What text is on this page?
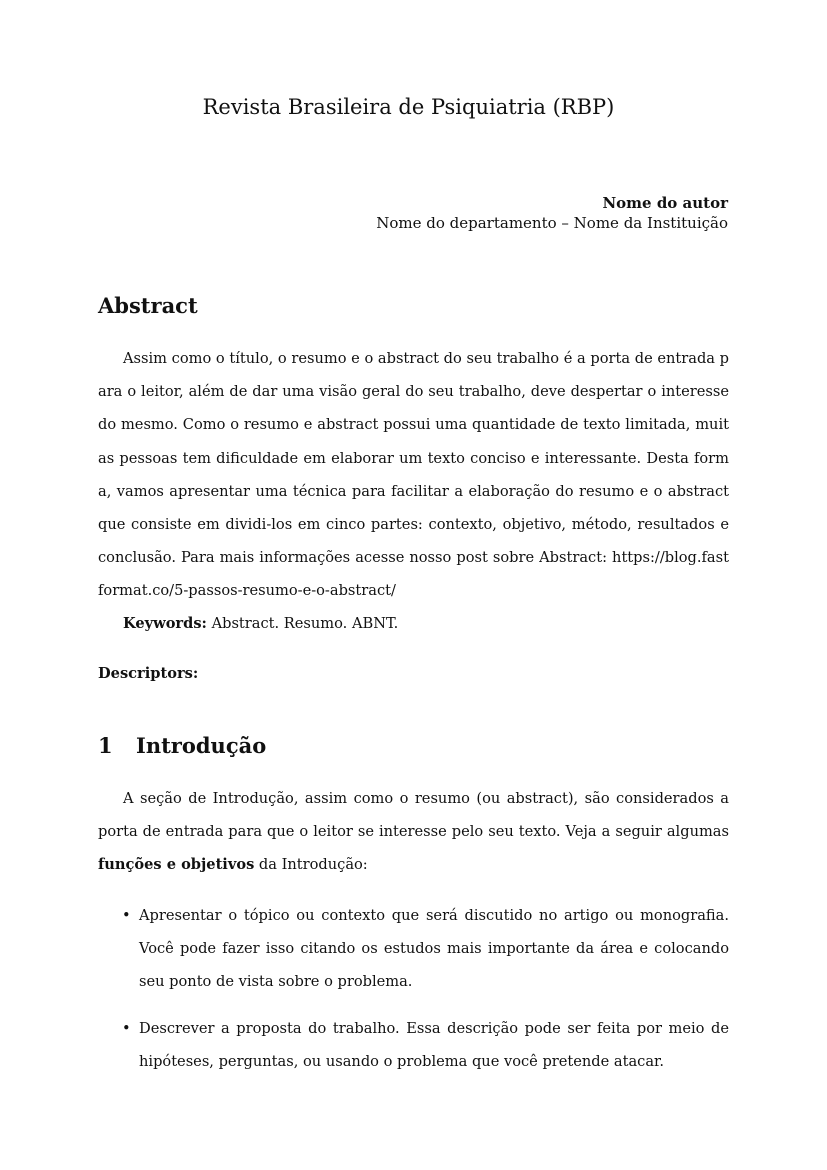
Revista Brasileira de Psiquiatria (RBP)
Nome do autor
Nome do departamento – Nome da Instituição
Abstract
Assim como o título, o resumo e o abstract do seu trabalho é a porta de entrada para o leitor, além de dar uma visão geral do seu trabalho, deve despertar o interesse do mesmo. Como o resumo e abstract possui uma quantidade de texto limitada, muitas pessoas tem dificuldade em elaborar um texto conciso e interessante. Desta forma, vamos apresentar uma técnica para facilitar a elaboração do resumo e o abstract que consiste em dividi-los em cinco partes: contexto, objetivo, método, resultados e conclusão. Para mais informações acesse nosso post sobre Abstract: https://blog.fastformat.co/5-passos-resumo-e-o-abstract/
Keywords: Abstract. Resumo. ABNT.
Descriptors:
1 Introdução
A seção de Introdução, assim como o resumo (ou abstract), são considerados a porta de entrada para que o leitor se interesse pelo seu texto. Veja a seguir algumas funções e objetivos da Introdução:
• Apresentar o tópico ou contexto que será discutido no artigo ou monografia. Você pode fazer isso citando os estudos mais importante da área e colocando seu ponto de vista sobre o problema.
• Descrever a proposta do trabalho. Essa descrição pode ser feita por meio de hipóteses, perguntas, ou usando o problema que você pretende atacar.
